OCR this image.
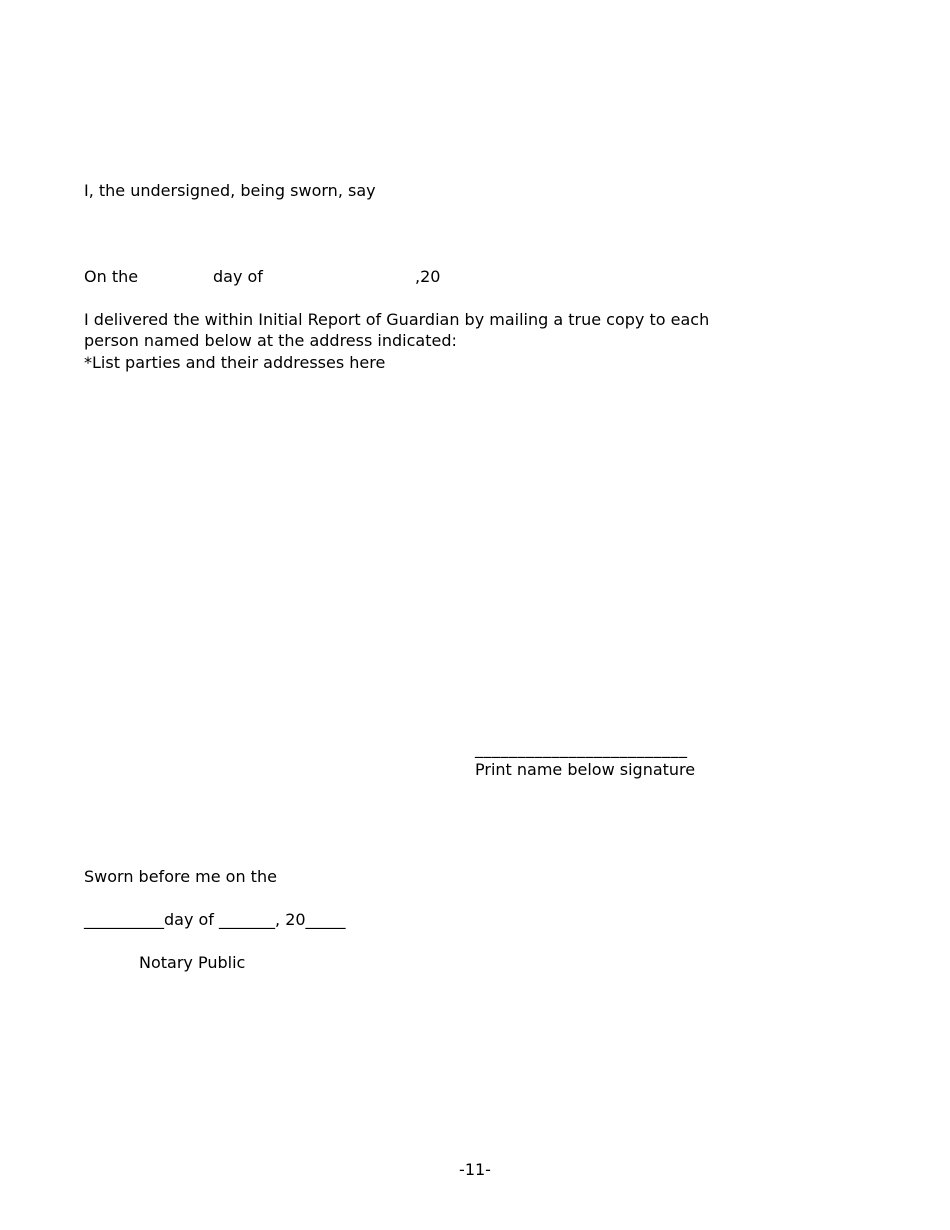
I, the undersigned, being sworn, say
On the	day of	,20
I delivered the within Initial Report of Guardian by mailing a true copy to each
person named below at the address indicated:
*List parties and their addresses here
_________________________
Print name below signature
Sworn before me on the
__________day of _______, 20_____
Notary Public
-11-
